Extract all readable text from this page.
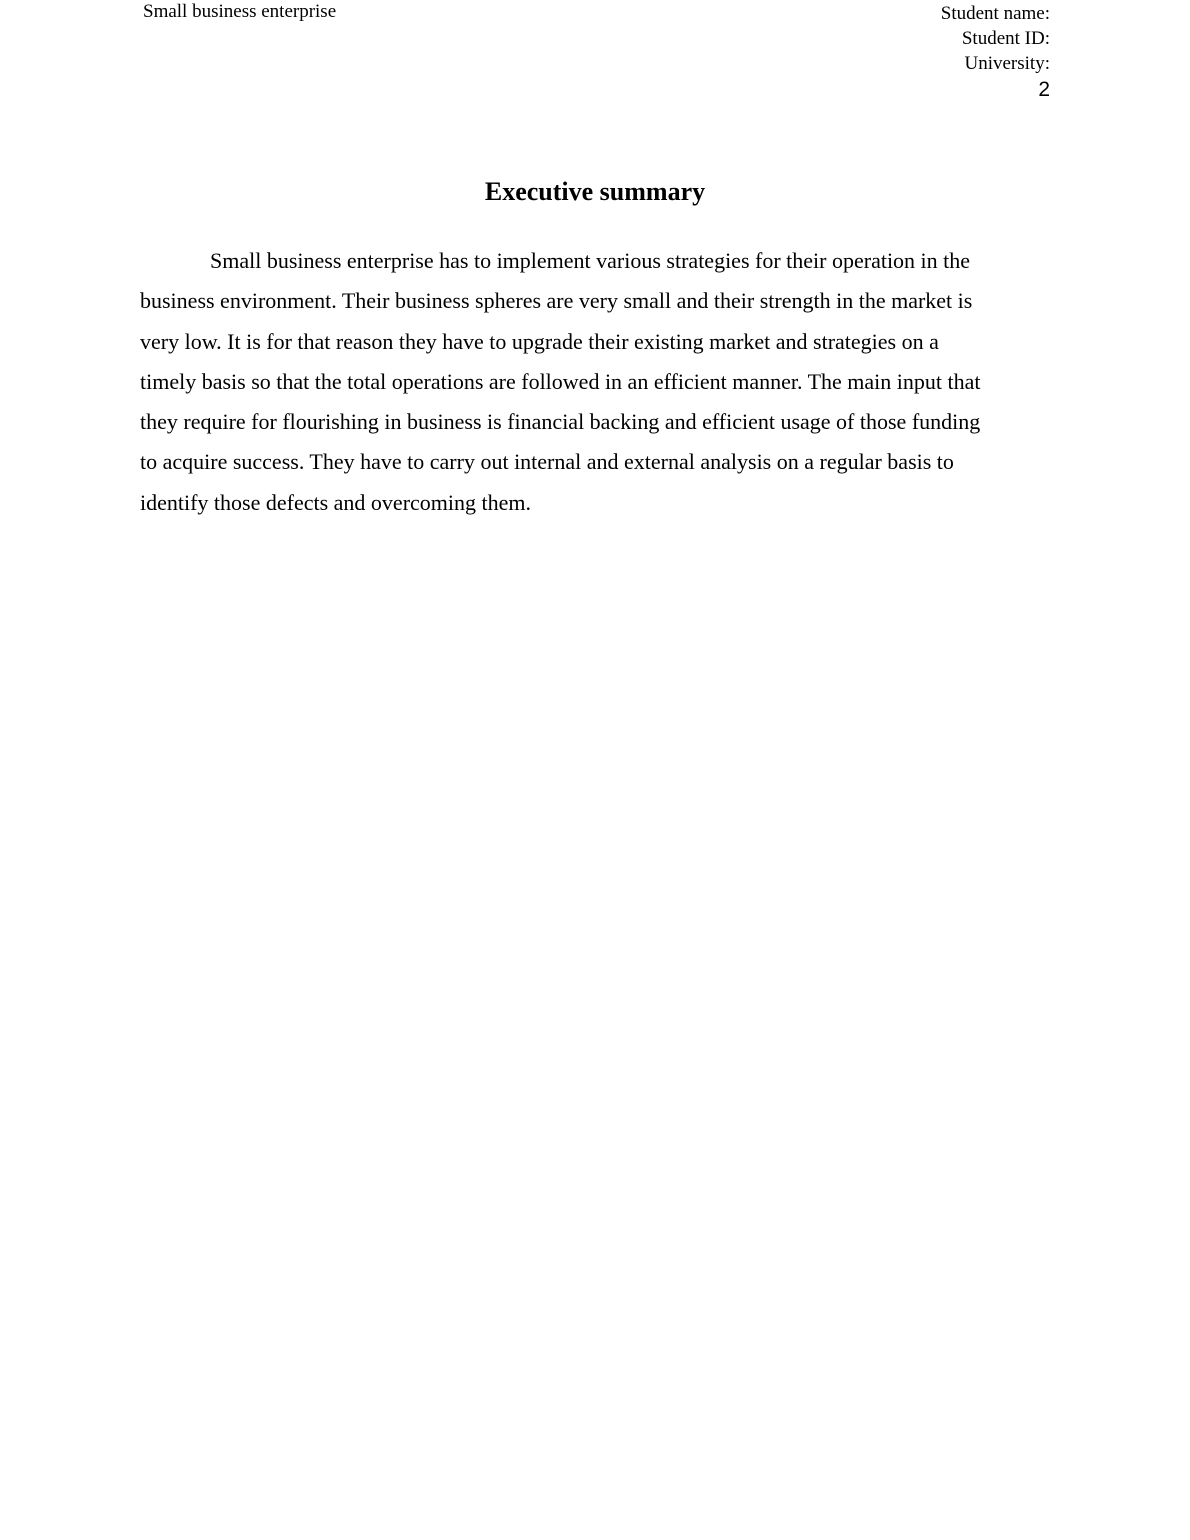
Small business enterprise	Student name:
Student ID:
University:
2
Executive summary
Small business enterprise has to implement various strategies for their operation in the
business environment. Their business spheres are very small and their strength in the market is
very low. It is for that reason they have to upgrade their existing market and strategies on a
timely basis so that the total operations are followed in an efficient manner. The main input that
they require for flourishing in business is financial backing and efficient usage of those funding
to acquire success. They have to carry out internal and external analysis on a regular basis to
identify those defects and overcoming them.
